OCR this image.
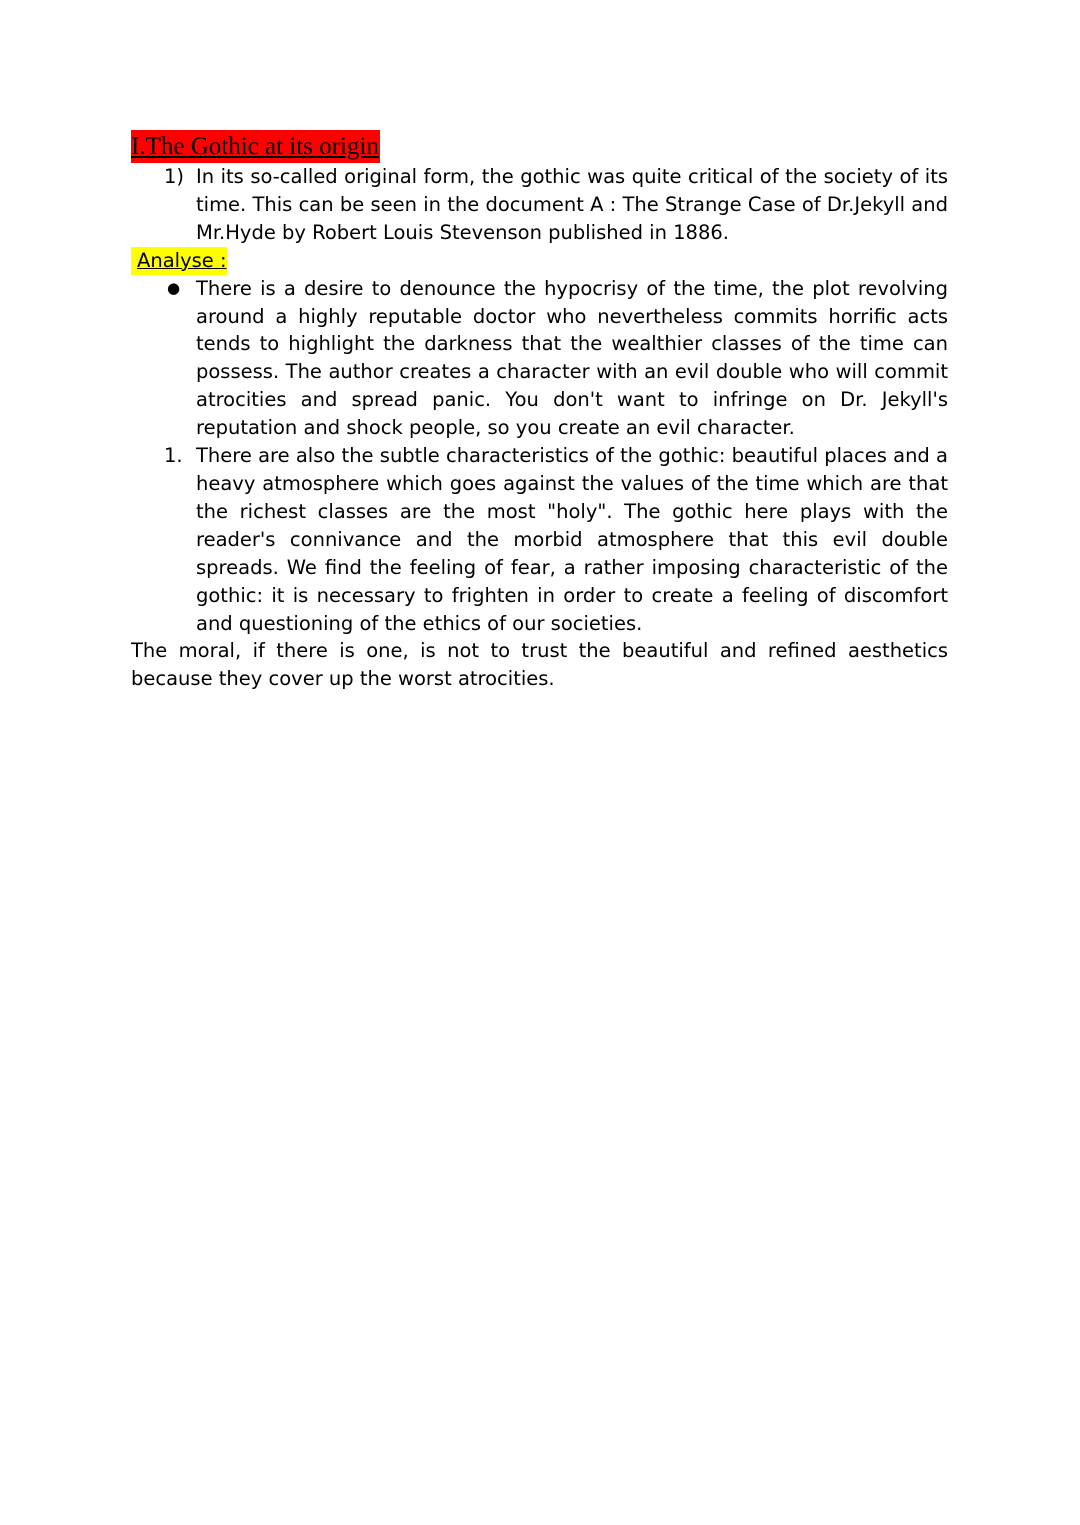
I.The Gothic at its origin
1) In its so-called original form, the gothic was quite critical of the society of its time. This can be seen in the document A : The Strange Case of Dr.Jekyll and Mr.Hyde by Robert Louis Stevenson published in 1886.
Analyse :
● There is a desire to denounce the hypocrisy of the time, the plot revolving around a highly reputable doctor who nevertheless commits horrific acts tends to highlight the darkness that the wealthier classes of the time can possess. The author creates a character with an evil double who will commit atrocities and spread panic. You don't want to infringe on Dr. Jekyll's reputation and shock people, so you create an evil character.
1. There are also the subtle characteristics of the gothic: beautiful places and a heavy atmosphere which goes against the values of the time which are that the richest classes are the most "holy". The gothic here plays with the reader's connivance and the morbid atmosphere that this evil double spreads. We find the feeling of fear, a rather imposing characteristic of the gothic: it is necessary to frighten in order to create a feeling of discomfort and questioning of the ethics of our societies.
The moral, if there is one, is not to trust the beautiful and refined aesthetics because they cover up the worst atrocities.
